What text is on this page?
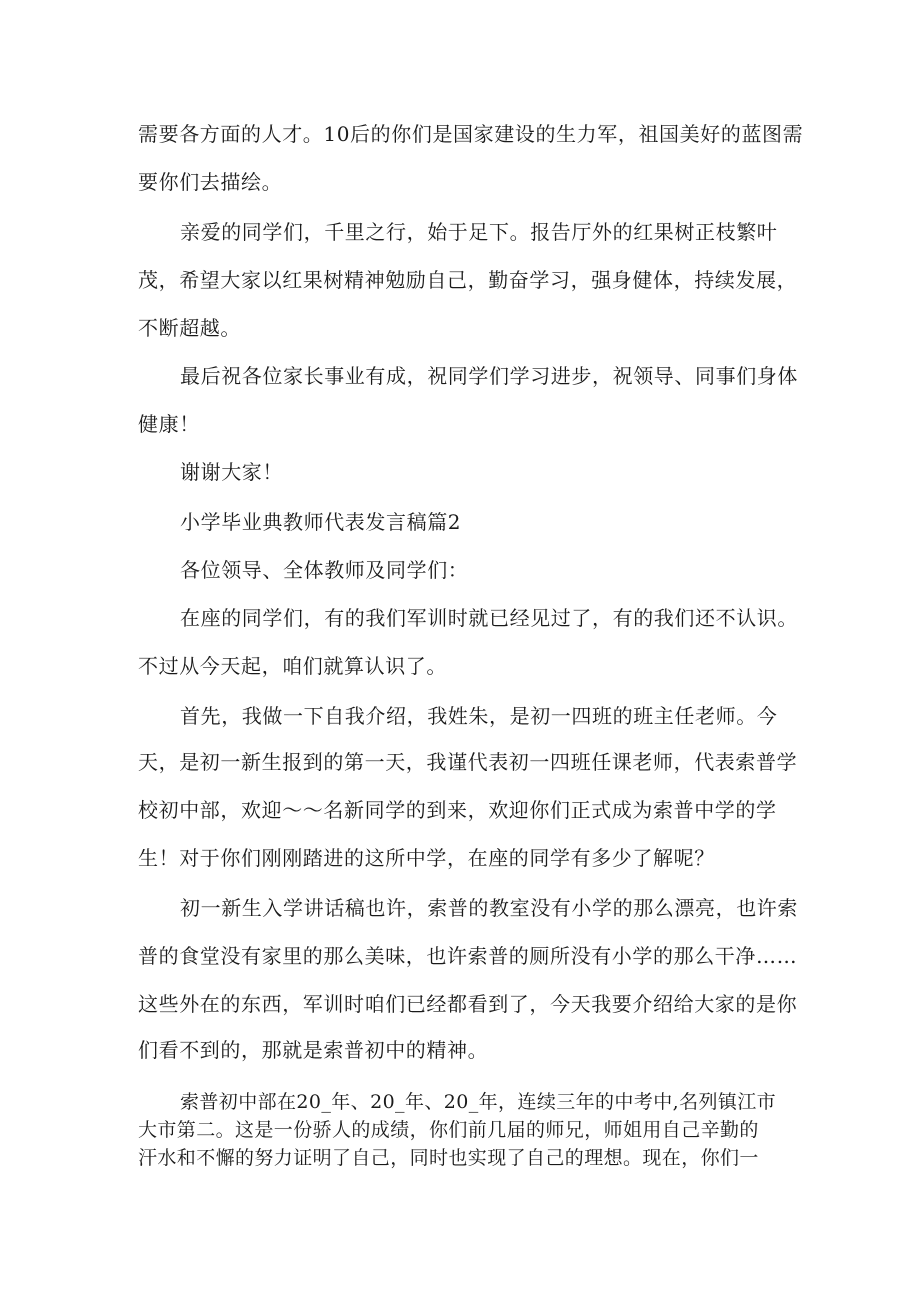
需要各方面的人才。10后的你们是国家建设的生力军，祖国美好的蓝图需
要你们去描绘。
亲爱的同学们，千里之行，始于足下。报告厅外的红果树正枝繁叶
茂，希望大家以红果树精神勉励自己，勤奋学习，强身健体，持续发展，
不断超越。
最后祝各位家长事业有成，祝同学们学习进步，祝领导、同事们身体
健康！
谢谢大家！
小学毕业典教师代表发言稿篇2
各位领导、全体教师及同学们：
在座的同学们，有的我们军训时就已经见过了，有的我们还不认识。
不过从今天起，咱们就算认识了。
首先，我做一下自我介绍，我姓朱，是初一四班的班主任老师。今
天，是初一新生报到的第一天，我谨代表初一四班任课老师，代表索普学
校初中部，欢迎～～名新同学的到来，欢迎你们正式成为索普中学的学
生！对于你们刚刚踏进的这所中学，在座的同学有多少了解呢？
初一新生入学讲话稿也许，索普的教室没有小学的那么漂亮，也许索
普的食堂没有家里的那么美味，也许索普的厕所没有小学的那么干净……
这些外在的东西，军训时咱们已经都看到了，今天我要介绍给大家的是你
们看不到的，那就是索普初中的精神。
索普初中部在20_年、20_年、20_年，连续三年的中考中,名列镇江市
大市第二。这是一份骄人的成绩，你们前几届的师兄，师姐用自己辛勤的
汗水和不懈的努力证明了自己，同时也实现了自己的理想。现在，你们一
